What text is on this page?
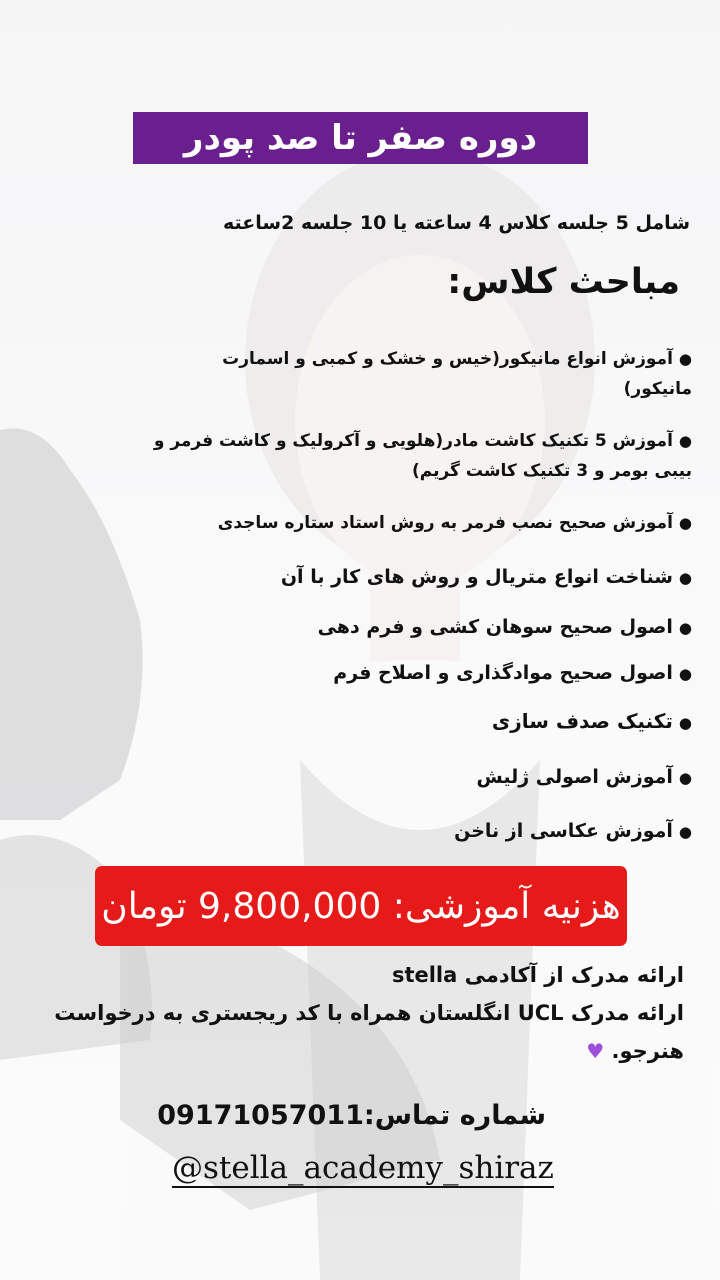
دوره صفر تا صد پودر
شامل 5 جلسه کلاس 4 ساعته یا 10 جلسه 2ساعته
مباحث کلاس:
● آموزش انواع مانیکور(خیس و خشک و کمبی و اسمارت مانیکور)
● آموزش 5 تکنیک کاشت مادر(هلویی و آکرولیک و کاشت فرمر و بیبی بومر و 3 تکنیک کاشت گریم)
● آموزش صحیح نصب فرمر به روش استاد ستاره ساجدی
● شناخت انواع متریال و روش های کار با آن
● اصول صحیح سوهان کشی و فرم دهی
● اصول صحیح موادگذاری و اصلاح فرم
● تکنیک صدف سازی
● آموزش اصولی ژلیش
● آموزش عکاسی از ناخن
هزنیه آموزشی: 9,800,000 تومان
ارائه مدرک از آکادمی stella
ارائه مدرک UCL انگلستان همراه با کد ریجستری به درخواست هنرجو. ♥
شماره تماس:09171057011
@stella_academy_shiraz
